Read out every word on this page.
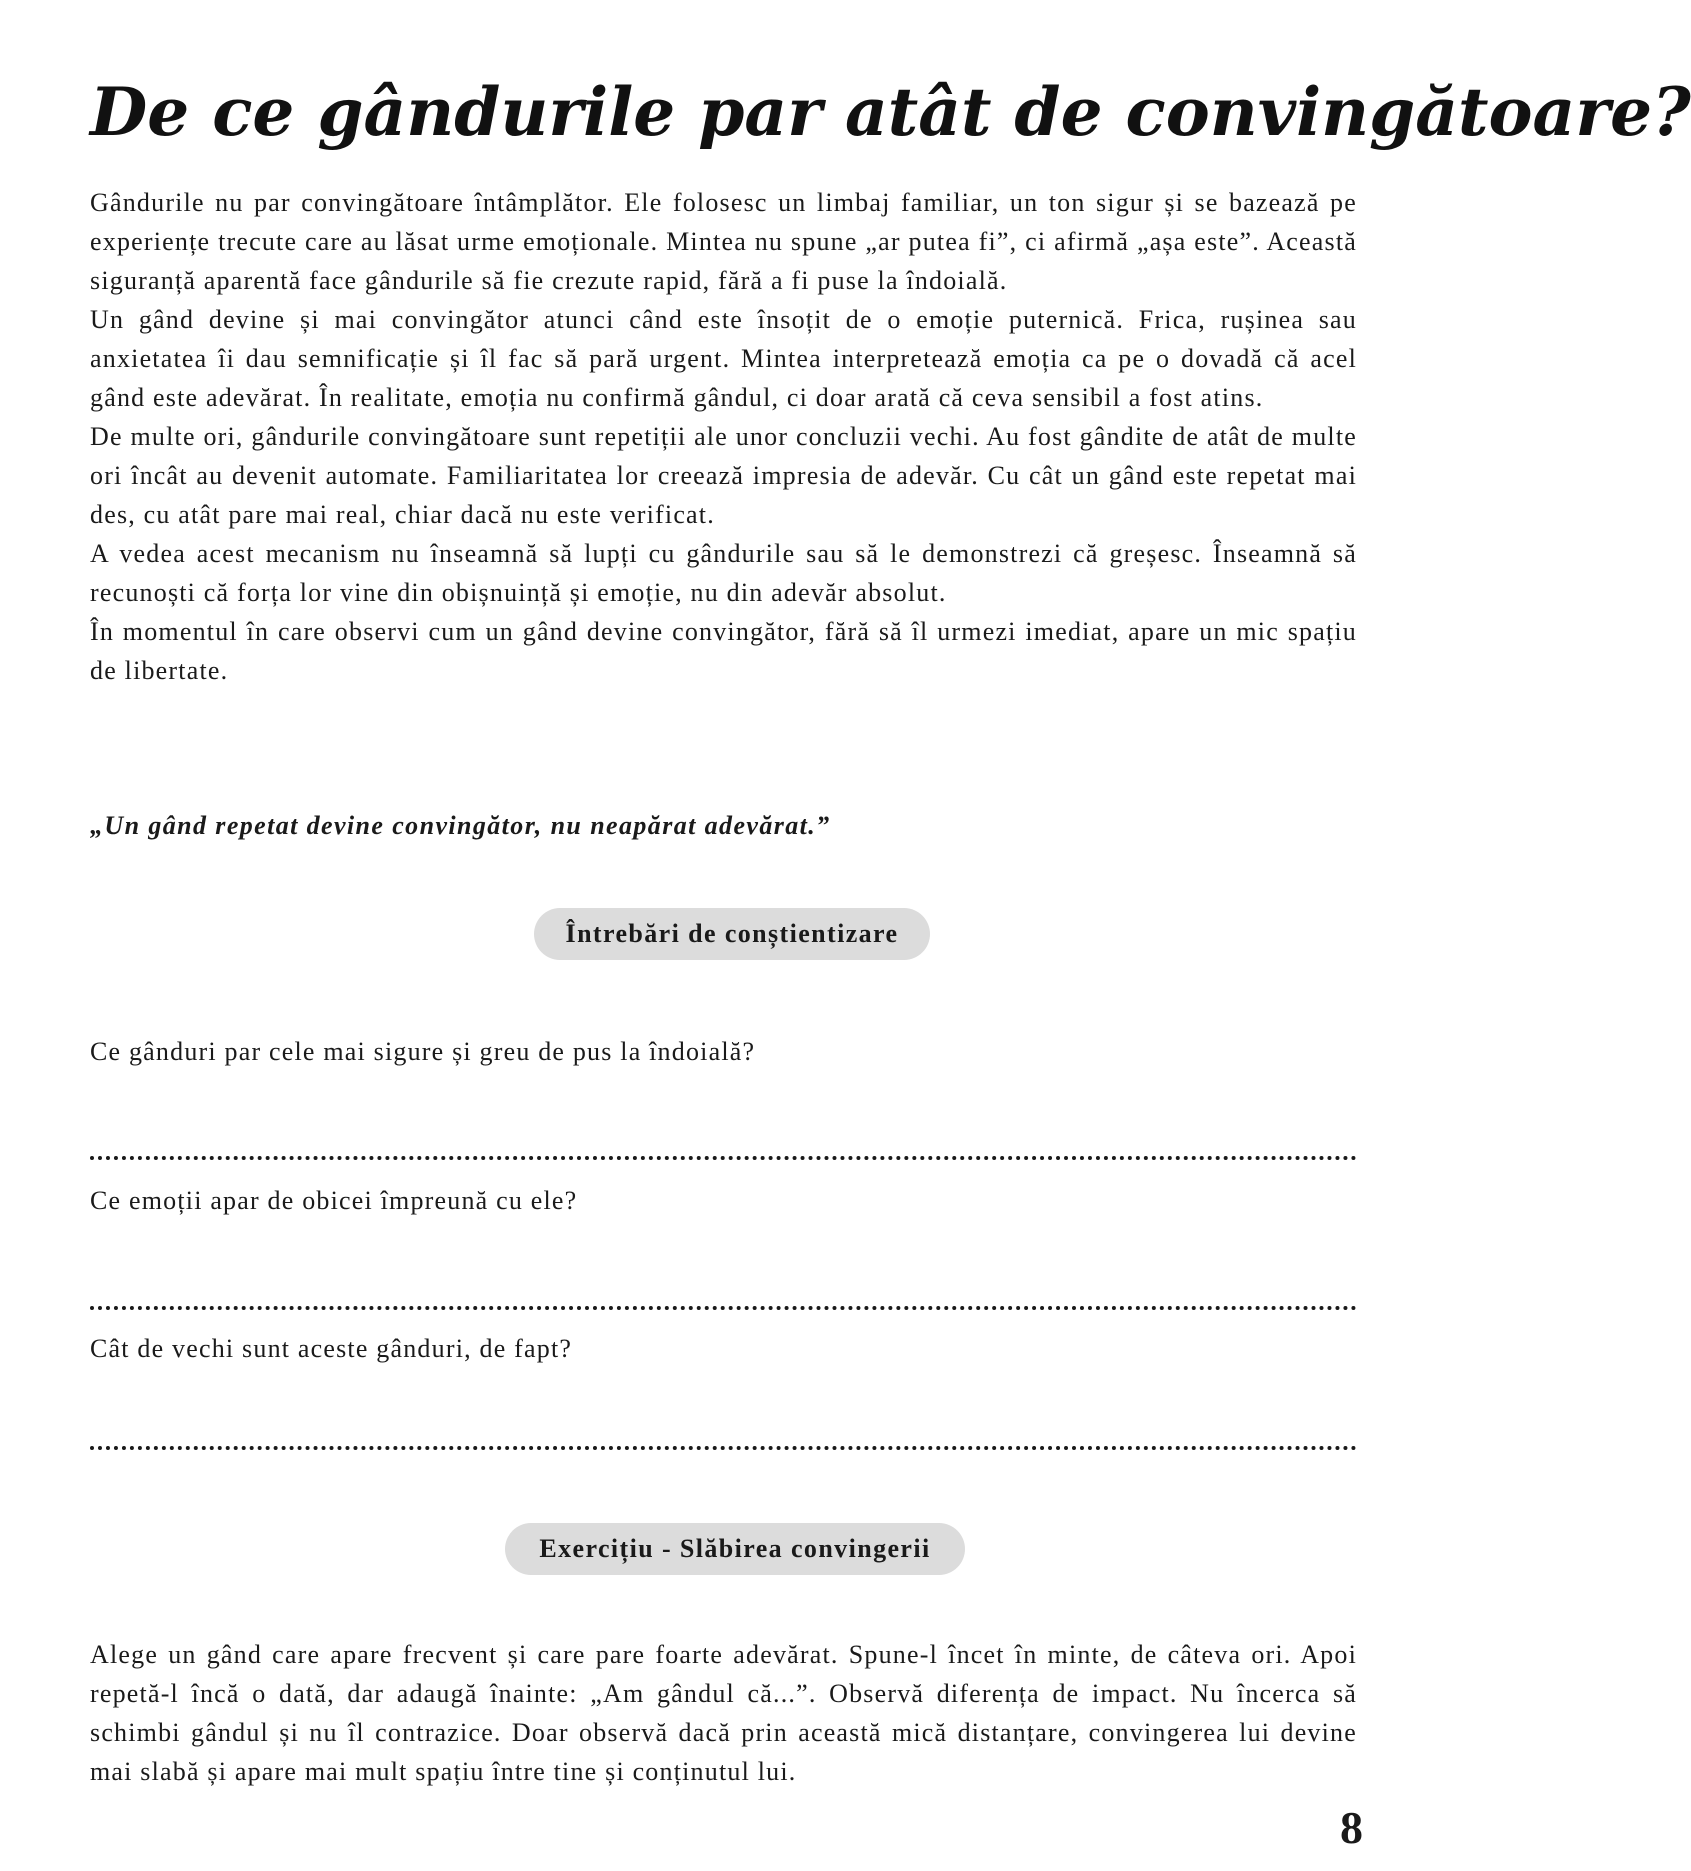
De ce gândurile par atât de convingătoare?

Gândurile nu par convingătoare întâmplător. Ele folosesc un limbaj familiar, un ton sigur și se bazează pe experiențe trecute care au lăsat urme emoționale. Mintea nu spune „ar putea fi”, ci afirmă „așa este”. Această siguranță aparentă face gândurile să fie crezute rapid, fără a fi puse la îndoială.

Un gând devine și mai convingător atunci când este însoțit de o emoție puternică. Frica, rușinea sau anxietatea îi dau semnificație și îl fac să pară urgent. Mintea interpretează emoția ca pe o dovadă că acel gând este adevărat. În realitate, emoția nu confirmă gândul, ci doar arată că ceva sensibil a fost atins.

De multe ori, gândurile convingătoare sunt repetiții ale unor concluzii vechi. Au fost gândite de atât de multe ori încât au devenit automate. Familiaritatea lor creează impresia de adevăr. Cu cât un gând este repetat mai des, cu atât pare mai real, chiar dacă nu este verificat.

A vedea acest mecanism nu înseamnă să lupți cu gândurile sau să le demonstrezi că greșesc. Înseamnă să recunoști că forța lor vine din obișnuință și emoție, nu din adevăr absolut.

În momentul în care observi cum un gând devine convingător, fără să îl urmezi imediat, apare un mic spațiu de libertate.

„Un gând repetat devine convingător, nu neapărat adevărat.”

Întrebări de conștientizare

Ce gânduri par cele mai sigure și greu de pus la îndoială?

Ce emoții apar de obicei împreună cu ele?

Cât de vechi sunt aceste gânduri, de fapt?

Exercițiu - Slăbirea convingerii

Alege un gând care apare frecvent și care pare foarte adevărat. Spune-l încet în minte, de câteva ori. Apoi repetă-l încă o dată, dar adaugă înainte: „Am gândul că...”. Observă diferența de impact. Nu încerca să schimbi gândul și nu îl contrazice. Doar observă dacă prin această mică distanțare, convingerea lui devine mai slabă și apare mai mult spațiu între tine și conținutul lui.

8
